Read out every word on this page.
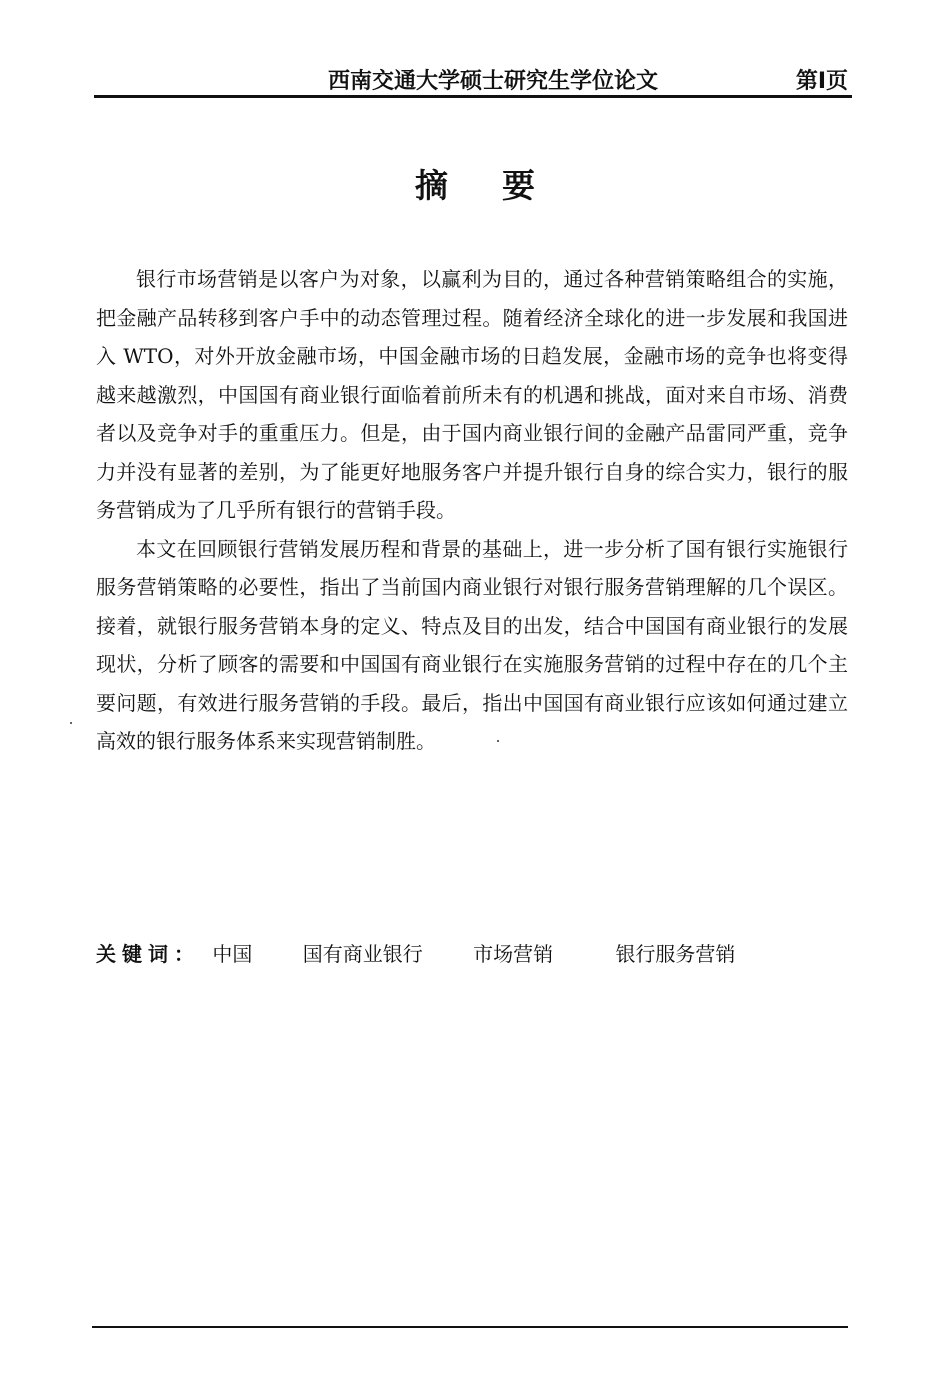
西南交通大学硕士研究生学位论文	第I页
摘要

银行市场营销是以客户为对象，以赢利为目的，通过各种营销策略组合的实施，把金融产品转移到客户手中的动态管理过程。随着经济全球化的进一步发展和我国进入 WTO，对外开放金融市场，中国金融市场的日趋发展，金融市场的竞争也将变得越来越激烈，中国国有商业银行面临着前所未有的机遇和挑战，面对来自市场、消费者以及竞争对手的重重压力。但是，由于国内商业银行间的金融产品雷同严重，竞争力并没有显著的差别，为了能更好地服务客户并提升银行自身的综合实力，银行的服务营销成为了几乎所有银行的营销手段。

本文在回顾银行营销发展历程和背景的基础上，进一步分析了国有银行实施银行服务营销策略的必要性，指出了当前国内商业银行对银行服务营销理解的几个误区。接着，就银行服务营销本身的定义、特点及目的出发，结合中国国有商业银行的发展现状，分析了顾客的需要和中国国有商业银行在实施服务营销的过程中存在的几个主要问题，有效进行服务营销的手段。最后，指出中国国有商业银行应该如何通过建立高效的银行服务体系来实现营销制胜。

关键词： 中国	国有商业银行	市场营销	银行服务营销
